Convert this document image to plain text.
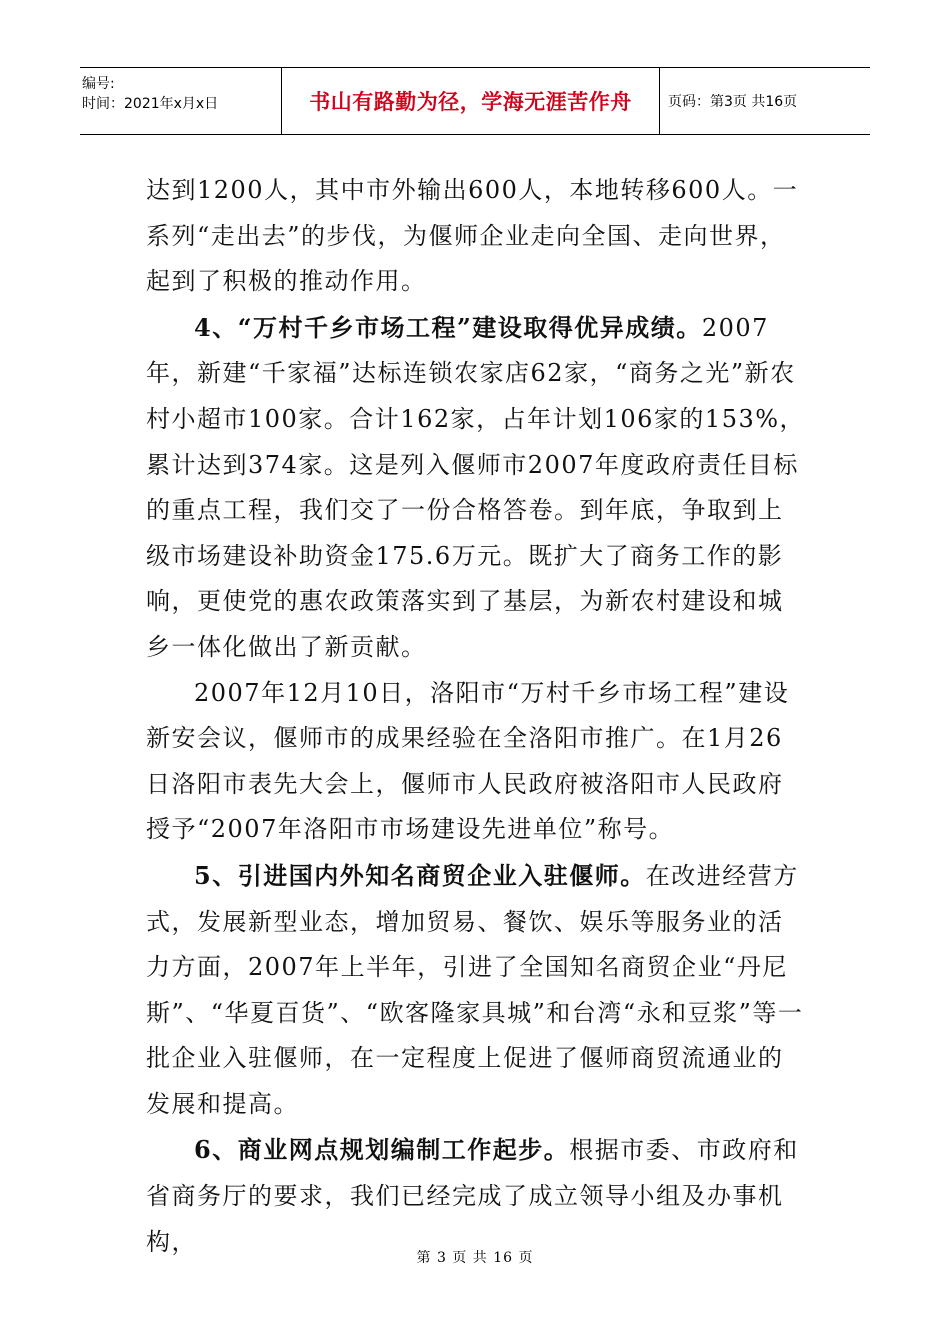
编号:
时间：2021年x月x日	书山有路勤为径，学海无涯苦作舟	页码：第3页 共16页

达到1200人，其中市外输出600人，本地转移600人。一系列“走出去”的步伐，为偃师企业走向全国、走向世界，起到了积极的推动作用。

4、“万村千乡市场工程”建设取得优异成绩。2007年，新建“千家福”达标连锁农家店62家，“商务之光”新农村小超市100家。合计162家，占年计划106家的153%，累计达到374家。这是列入偃师市2007年度政府责任目标的重点工程，我们交了一份合格答卷。到年底，争取到上级市场建设补助资金175.6万元。既扩大了商务工作的影响，更使党的惠农政策落实到了基层，为新农村建设和城乡一体化做出了新贡献。

2007年12月10日，洛阳市“万村千乡市场工程”建设新安会议，偃师市的成果经验在全洛阳市推广。在1月26日洛阳市表先大会上，偃师市人民政府被洛阳市人民政府授予“2007年洛阳市市场建设先进单位”称号。

5、引进国内外知名商贸企业入驻偃师。在改进经营方式，发展新型业态，增加贸易、餐饮、娱乐等服务业的活力方面，2007年上半年，引进了全国知名商贸企业“丹尼斯”、“华夏百货”、“欧客隆家具城”和台湾“永和豆浆”等一批企业入驻偃师，在一定程度上促进了偃师商贸流通业的发展和提高。

6、商业网点规划编制工作起步。根据市委、市政府和省商务厅的要求，我们已经完成了成立领导小组及办事机构，

第 3 页 共 16 页
